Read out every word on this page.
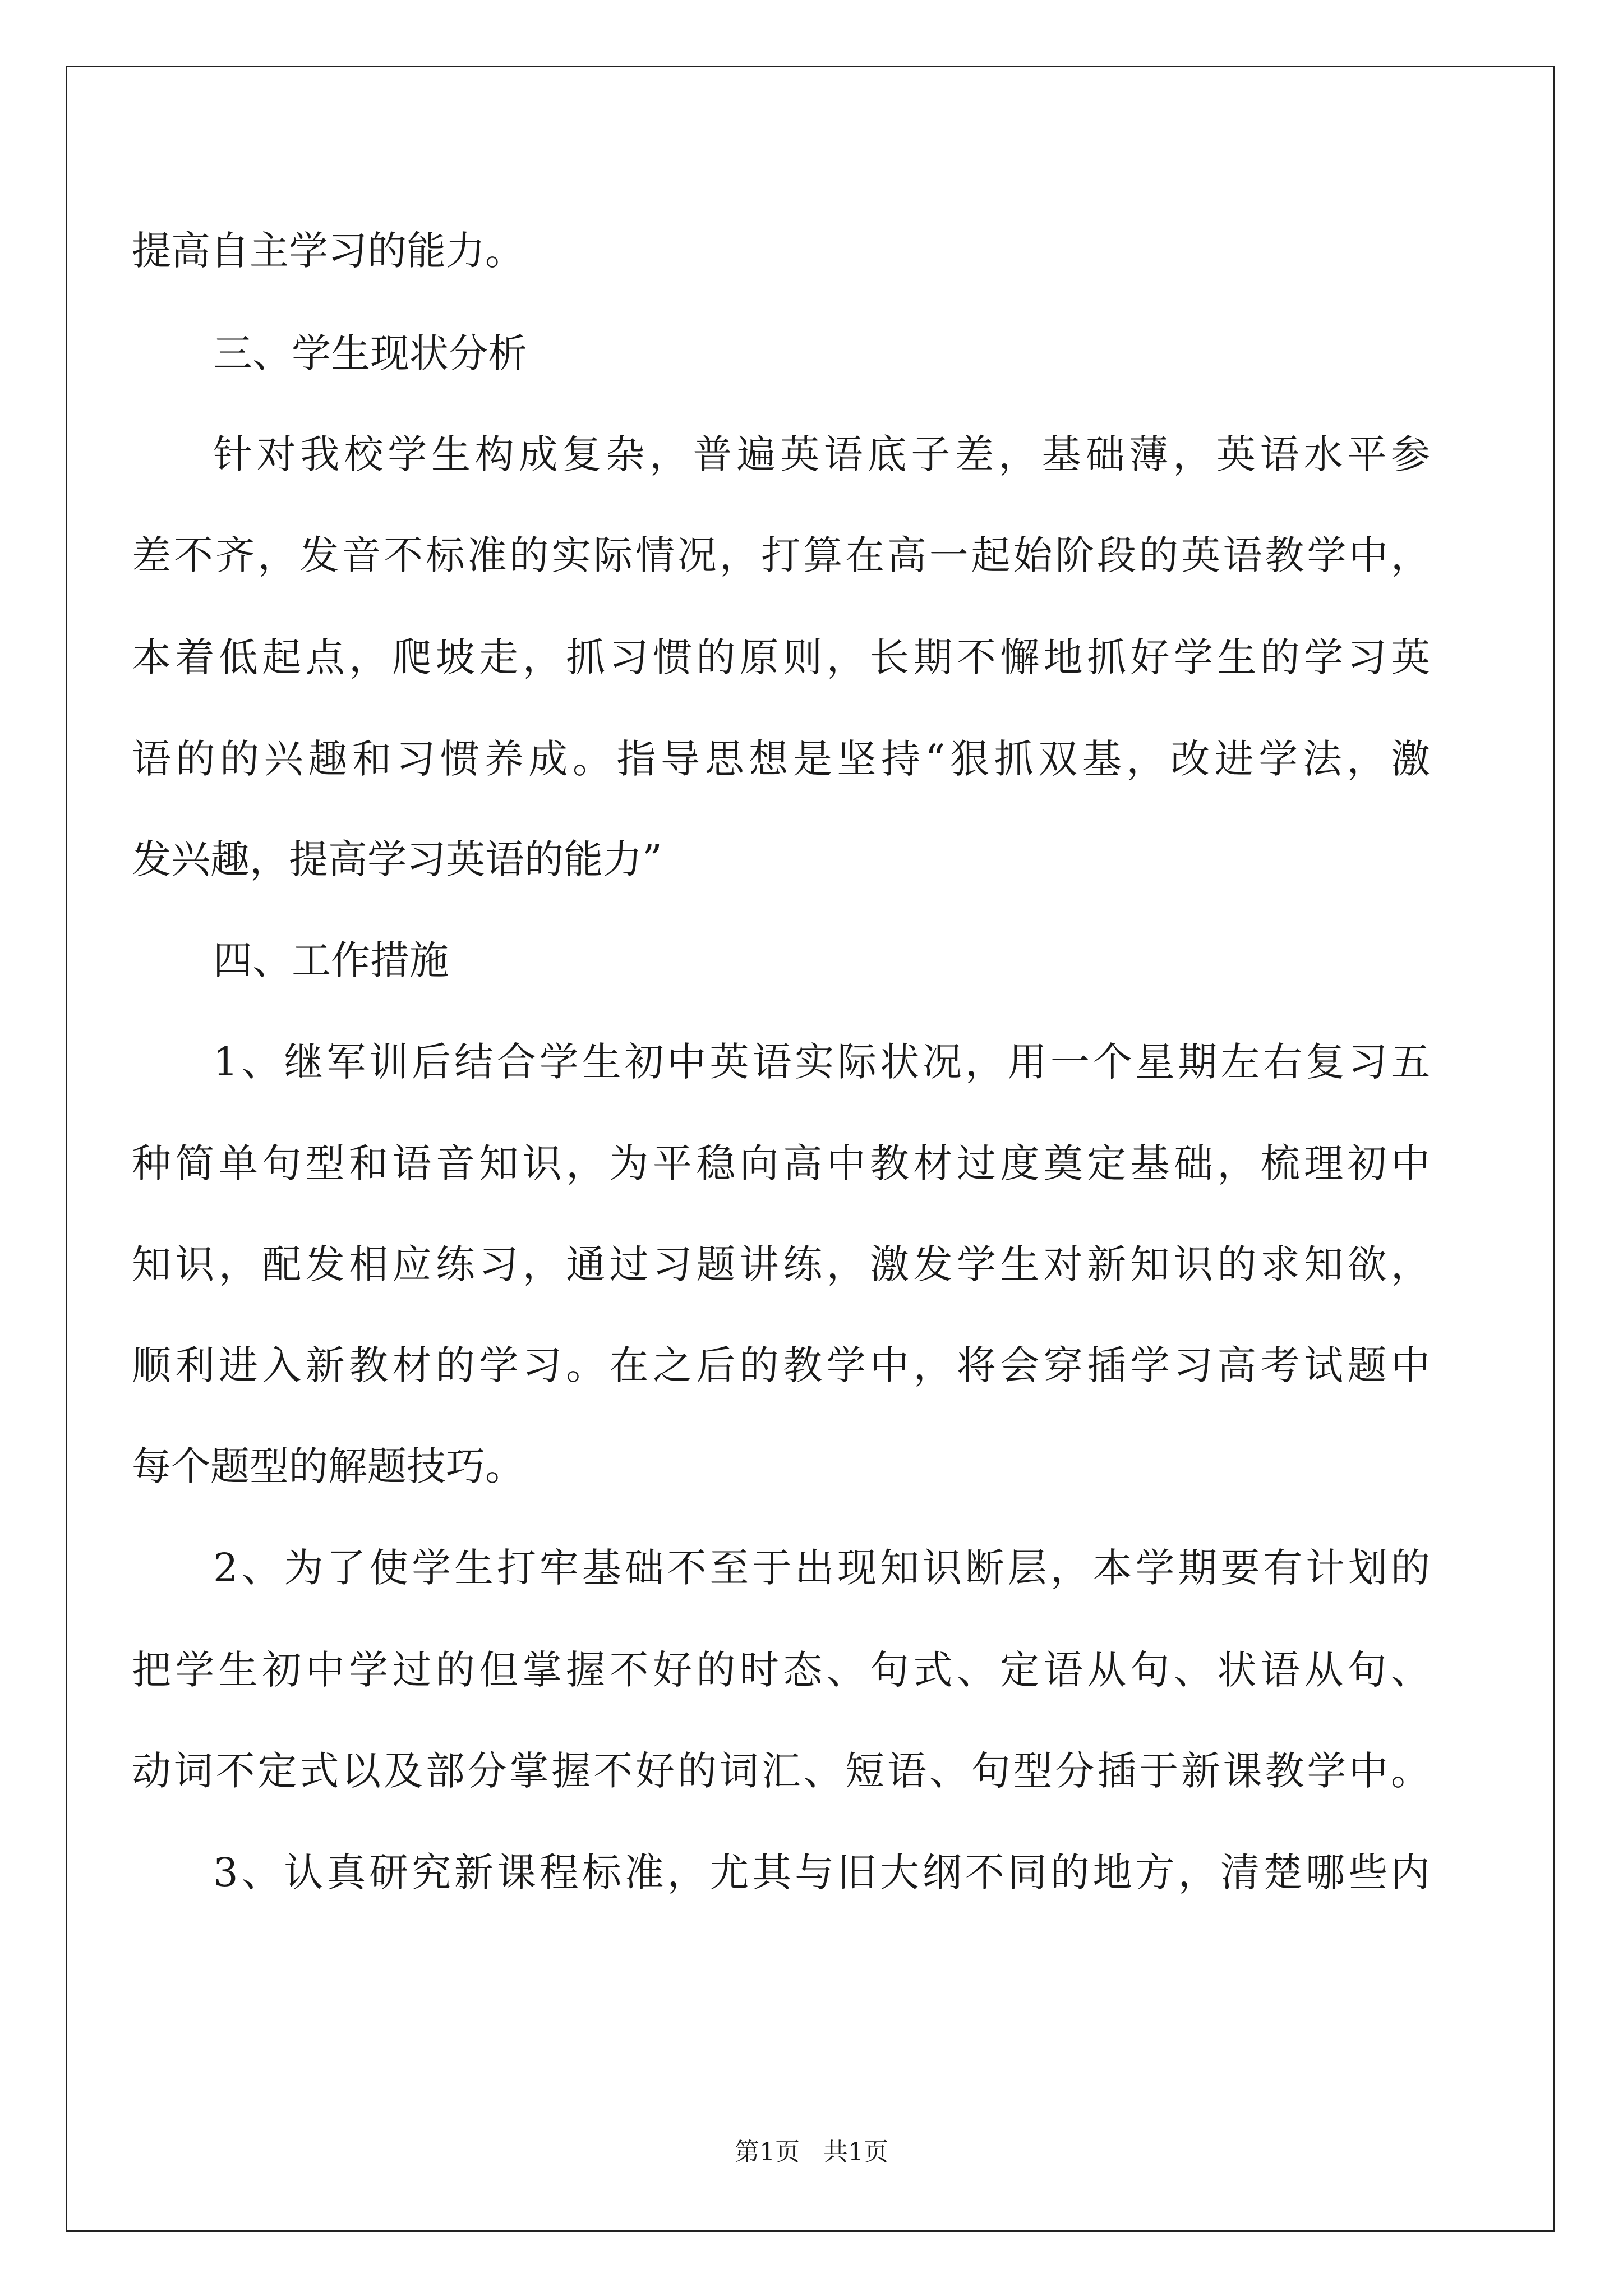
提高自主学习的能力。
三、学生现状分析
针对我校学生构成复杂，普遍英语底子差，基础薄，英语水平参
差不齐，发音不标准的实际情况，打算在高一起始阶段的英语教学中，
本着低起点，爬坡走，抓习惯的原则，长期不懈地抓好学生的学习英
语的的兴趣和习惯养成。指导思想是坚持“狠抓双基，改进学法，激
发兴趣，提高学习英语的能力”
四、工作措施
1、继军训后结合学生初中英语实际状况，用一个星期左右复习五
种简单句型和语音知识，为平稳向高中教材过度奠定基础，梳理初中
知识，配发相应练习，通过习题讲练，激发学生对新知识的求知欲，
顺利进入新教材的学习。在之后的教学中，将会穿插学习高考试题中
每个题型的解题技巧。
2、为了使学生打牢基础不至于出现知识断层，本学期要有计划的
把学生初中学过的但掌握不好的时态、句式、定语从句、状语从句、
动词不定式以及部分掌握不好的词汇、短语、句型分插于新课教学中。
3、认真研究新课程标准，尤其与旧大纲不同的地方，清楚哪些内
第1页   共1页
